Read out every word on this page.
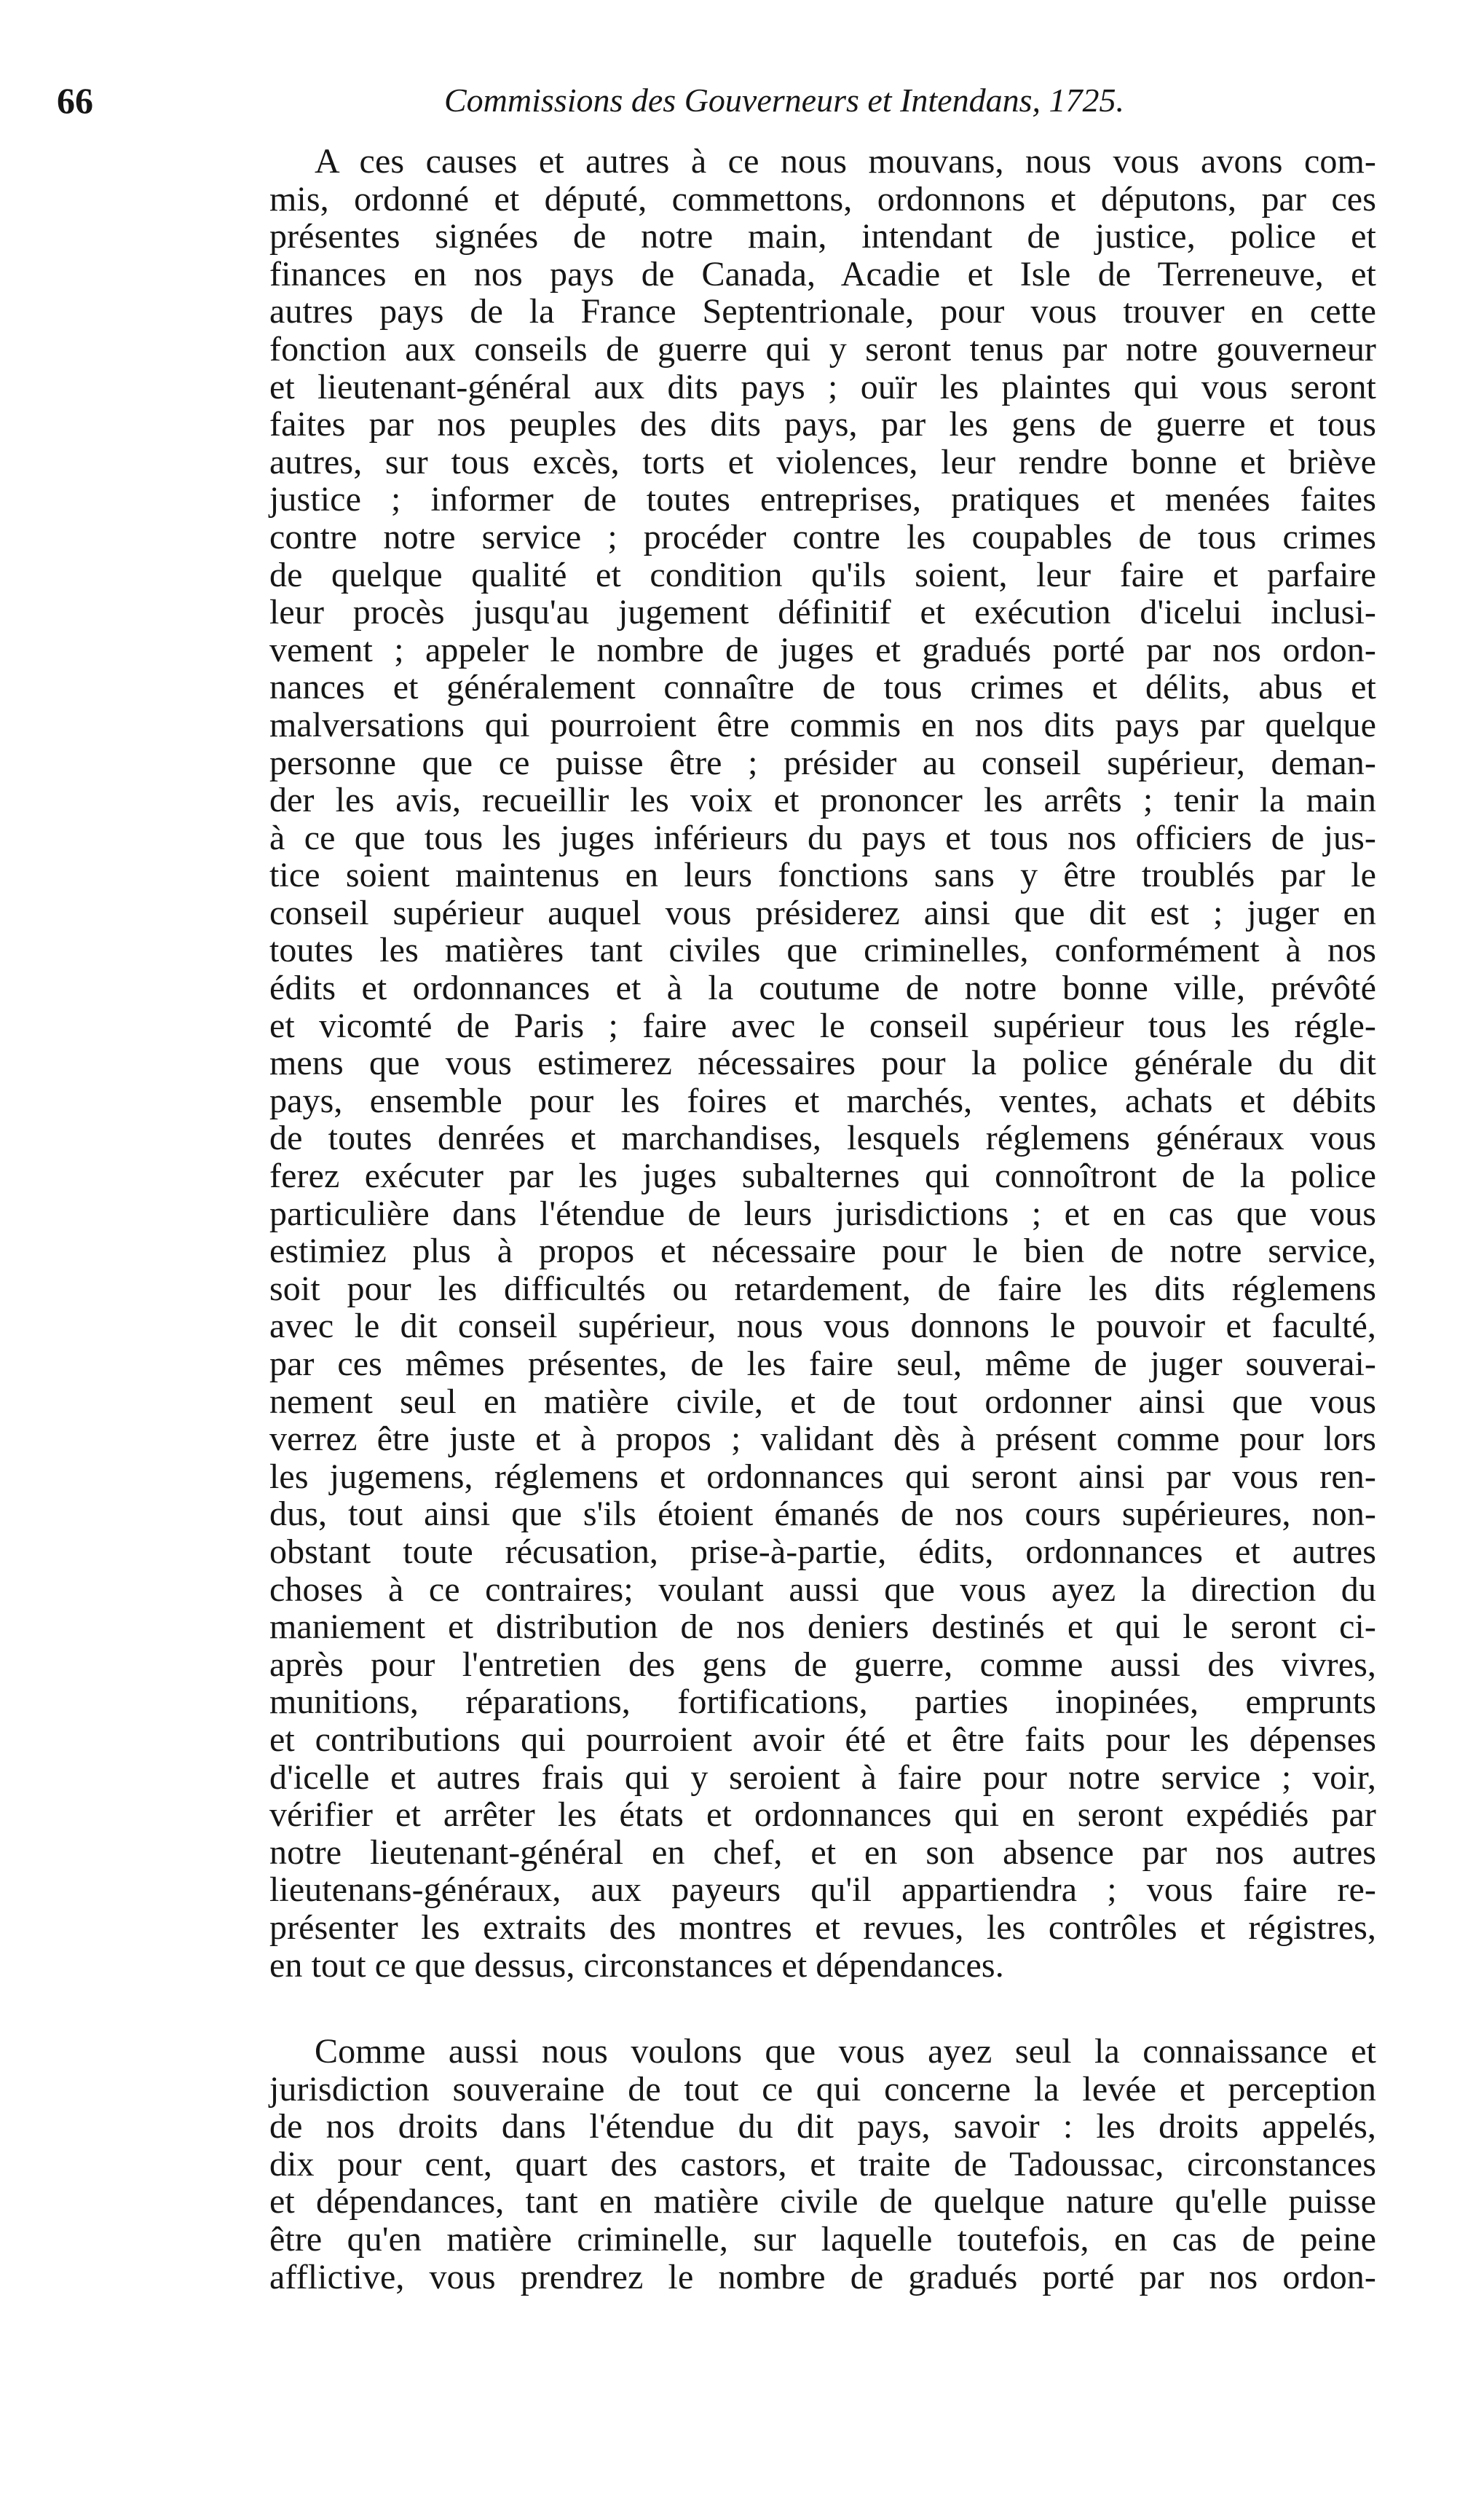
66	Commissions des Gouverneurs et Intendans, 1725.

A ces causes et autres à ce nous mouvans, nous vous avons com-
mis, ordonné et député, commettons, ordonnons et députons, par ces
présentes signées de notre main, intendant de justice, police et
finances en nos pays de Canada, Acadie et Isle de Terreneuve, et
autres pays de la France Septentrionale, pour vous trouver en cette
fonction aux conseils de guerre qui y seront tenus par notre gouverneur
et lieutenant-général aux dits pays ; ouïr les plaintes qui vous seront
faites par nos peuples des dits pays, par les gens de guerre et tous
autres, sur tous excès, torts et violences, leur rendre bonne et briève
justice ; informer de toutes entreprises, pratiques et menées faites
contre notre service ; procéder contre les coupables de tous crimes
de quelque qualité et condition qu'ils soient, leur faire et parfaire
leur procès jusqu'au jugement définitif et exécution d'icelui inclusi-
vement ; appeler le nombre de juges et gradués porté par nos ordon-
nances et généralement connaître de tous crimes et délits, abus et
malversations qui pourroient être commis en nos dits pays par quelque
personne que ce puisse être ; présider au conseil supérieur, deman-
der les avis, recueillir les voix et prononcer les arrêts ; tenir la main
à ce que tous les juges inférieurs du pays et tous nos officiers de jus-
tice soient maintenus en leurs fonctions sans y être troublés par le
conseil supérieur auquel vous présiderez ainsi que dit est ; juger en
toutes les matières tant civiles que criminelles, conformément à nos
édits et ordonnances et à la coutume de notre bonne ville, prévôté
et vicomté de Paris ; faire avec le conseil supérieur tous les régle-
mens que vous estimerez nécessaires pour la police générale du dit
pays, ensemble pour les foires et marchés, ventes, achats et débits
de toutes denrées et marchandises, lesquels réglemens généraux vous
ferez exécuter par les juges subalternes qui connoîtront de la police
particulière dans l'étendue de leurs jurisdictions ; et en cas que vous
estimiez plus à propos et nécessaire pour le bien de notre service,
soit pour les difficultés ou retardement, de faire les dits réglemens
avec le dit conseil supérieur, nous vous donnons le pouvoir et faculté,
par ces mêmes présentes, de les faire seul, même de juger souverai-
nement seul en matière civile, et de tout ordonner ainsi que vous
verrez être juste et à propos ; validant dès à présent comme pour lors
les jugemens, réglemens et ordonnances qui seront ainsi par vous ren-
dus, tout ainsi que s'ils étoient émanés de nos cours supérieures, non-
obstant toute récusation, prise-à-partie, édits, ordonnances et autres
choses à ce contraires; voulant aussi que vous ayez la direction du
maniement et distribution de nos deniers destinés et qui le seront ci-
après pour l'entretien des gens de guerre, comme aussi des vivres,
munitions, réparations, fortifications, parties inopinées, emprunts
et contributions qui pourroient avoir été et être faits pour les dépenses
d'icelle et autres frais qui y seroient à faire pour notre service ; voir,
vérifier et arrêter les états et ordonnances qui en seront expédiés par
notre lieutenant-général en chef, et en son absence par nos autres
lieutenans-généraux, aux payeurs qu'il appartiendra ; vous faire re-
présenter les extraits des montres et revues, les contrôles et régistres,
en tout ce que dessus, circonstances et dépendances.

Comme aussi nous voulons que vous ayez seul la connaissance et
jurisdiction souveraine de tout ce qui concerne la levée et perception
de nos droits dans l'étendue du dit pays, savoir : les droits appelés,
dix pour cent, quart des castors, et traite de Tadoussac, circonstances
et dépendances, tant en matière civile de quelque nature qu'elle puisse
être qu'en matière criminelle, sur laquelle toutefois, en cas de peine
afflictive, vous prendrez le nombre de gradués porté par nos ordon-
